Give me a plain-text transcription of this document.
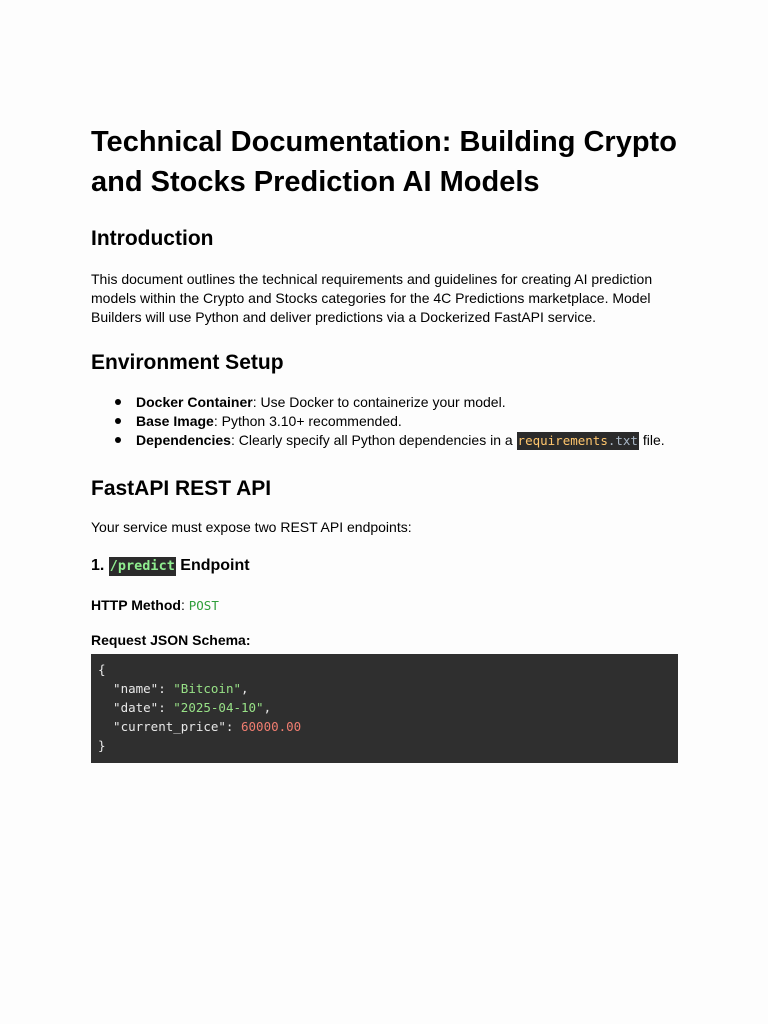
Technical Documentation: Building Crypto and Stocks Prediction AI Models
Introduction

This document outlines the technical requirements and guidelines for creating AI prediction models within the Crypto and Stocks categories for the 4C Predictions marketplace. Model Builders will use Python and deliver predictions via a Dockerized FastAPI service.

Environment Setup
Docker Container: Use Docker to containerize your model.
Base Image: Python 3.10+ recommended.
Dependencies: Clearly specify all Python dependencies in a requirements.txt file.
FastAPI REST API

Your service must expose two REST API endpoints:

1. /predict Endpoint

HTTP Method: POST

Request JSON Schema:

{
"name": "Bitcoin",
"date": "2025-04-10",
"current_price": 60000.00
}
